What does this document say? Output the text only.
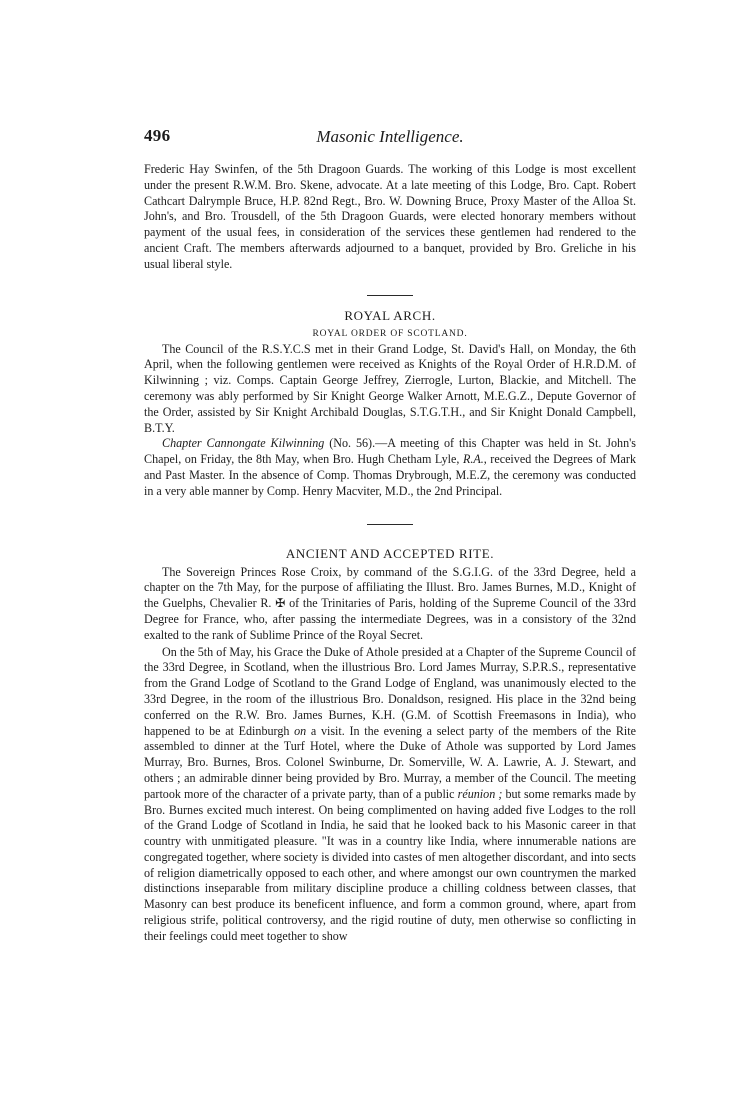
496	Masonic Intelligence.

Frederic Hay Swinfen, of the 5th Dragoon Guards. The working of this Lodge is most excellent under the present R.W.M. Bro. Skene, advocate. At a late meeting of this Lodge, Bro. Capt. Robert Cathcart Dalrymple Bruce, H.P. 82nd Regt., Bro. W. Downing Bruce, Proxy Master of the Alloa St. John's, and Bro. Trousdell, of the 5th Dragoon Guards, were elected honorary members without payment of the usual fees, in consideration of the services these gentlemen had rendered to the ancient Craft. The members afterwards adjourned to a banquet, provided by Bro. Greliche in his usual liberal style.

ROYAL ARCH.
ROYAL ORDER OF SCOTLAND.

The Council of the R.S.Y.C.S met in their Grand Lodge, St. David's Hall, on Monday, the 6th April, when the following gentlemen were received as Knights of the Royal Order of H.R.D.M. of Kilwinning ; viz. Comps. Captain George Jeffrey, Zierrogle, Lurton, Blackie, and Mitchell. The ceremony was ably performed by Sir Knight George Walker Arnott, M.E.G.Z., Depute Governor of the Order, assisted by Sir Knight Archibald Douglas, S.T.G.T.H., and Sir Knight Donald Campbell, B.T.Y.

Chapter Cannongate Kilwinning (No. 56).—A meeting of this Chapter was held in St. John's Chapel, on Friday, the 8th May, when Bro. Hugh Chetham Lyle, R.A., received the Degrees of Mark and Past Master. In the absence of Comp. Thomas Drybrough, M.E.Z, the ceremony was conducted in a very able manner by Comp. Henry Macviter, M.D., the 2nd Principal.

ANCIENT AND ACCEPTED RITE.

The Sovereign Princes Rose Croix, by command of the S.G.I.G. of the 33rd Degree, held a chapter on the 7th May, for the purpose of affiliating the Illust. Bro. James Burnes, M.D., Knight of the Guelphs, Chevalier R. ✠ of the Trinitaries of Paris, holding of the Supreme Council of the 33rd Degree for France, who, after passing the intermediate Degrees, was in a consistory of the 32nd exalted to the rank of Sublime Prince of the Royal Secret.

On the 5th of May, his Grace the Duke of Athole presided at a Chapter of the Supreme Council of the 33rd Degree, in Scotland, when the illustrious Bro. Lord James Murray, S.P.R.S., representative from the Grand Lodge of Scotland to the Grand Lodge of England, was unanimously elected to the 33rd Degree, in the room of the illustrious Bro. Donaldson, resigned. His place in the 32nd being conferred on the R.W. Bro. James Burnes, K.H. (G.M. of Scottish Freemasons in India), who happened to be at Edinburgh on a visit. In the evening a select party of the members of the Rite assembled to dinner at the Turf Hotel, where the Duke of Athole was supported by Lord James Murray, Bro. Burnes, Bros. Colonel Swinburne, Dr. Somerville, W. A. Lawrie, A. J. Stewart, and others ; an admirable dinner being provided by Bro. Murray, a member of the Council. The meeting partook more of the character of a private party, than of a public réunion ; but some remarks made by Bro. Burnes excited much interest. On being complimented on having added five Lodges to the roll of the Grand Lodge of Scotland in India, he said that he looked back to his Masonic career in that country with unmitigated pleasure. "It was in a country like India, where innumerable nations are congregated together, where society is divided into castes of men altogether discordant, and into sects of religion diametrically opposed to each other, and where amongst our own countrymen the marked distinctions inseparable from military discipline produce a chilling coldness between classes, that Masonry can best produce its beneficent influence, and form a common ground, where, apart from religious strife, political controversy, and the rigid routine of duty, men otherwise so conflicting in their feelings could meet together to show
